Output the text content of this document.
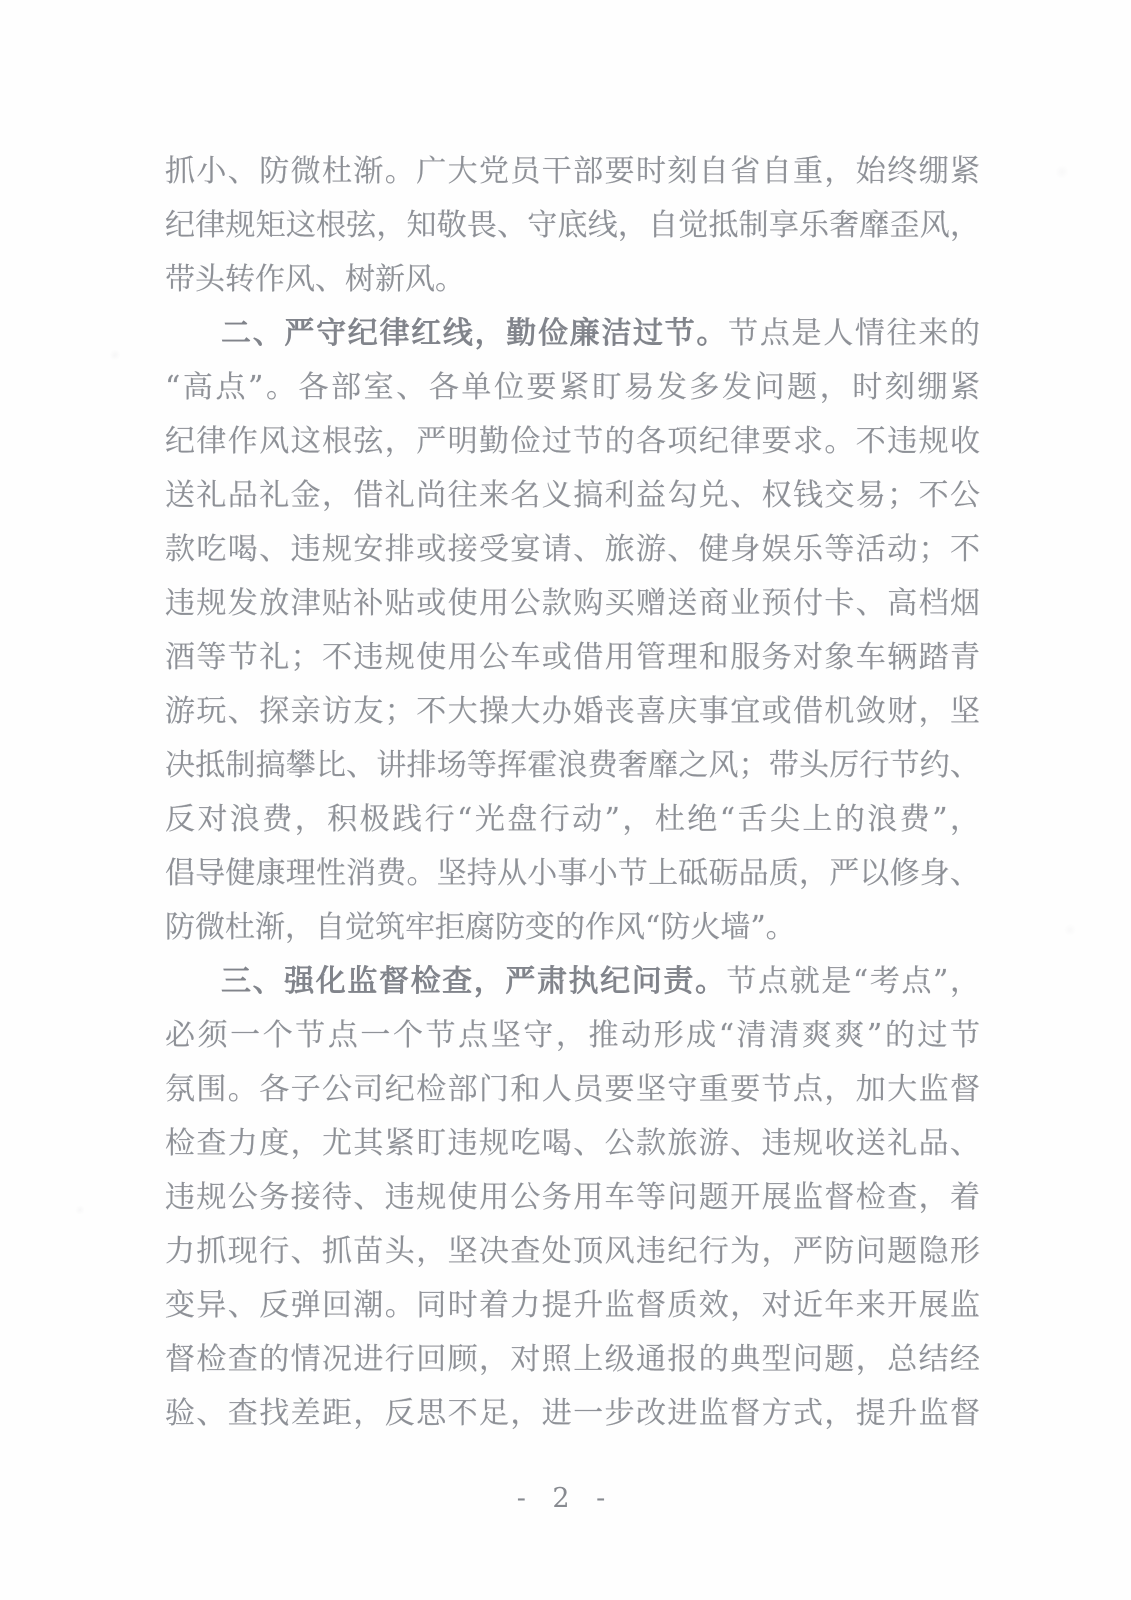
抓小、防微杜渐。广大党员干部要时刻自省自重，始终绷紧
纪律规矩这根弦，知敬畏、守底线，自觉抵制享乐奢靡歪风，
带头转作风、树新风。
二、严守纪律红线，勤俭廉洁过节。节点是人情往来的
“高点”。各部室、各单位要紧盯易发多发问题，时刻绷紧
纪律作风这根弦，严明勤俭过节的各项纪律要求。不违规收
送礼品礼金，借礼尚往来名义搞利益勾兑、权钱交易；不公
款吃喝、违规安排或接受宴请、旅游、健身娱乐等活动；不
违规发放津贴补贴或使用公款购买赠送商业预付卡、高档烟
酒等节礼；不违规使用公车或借用管理和服务对象车辆踏青
游玩、探亲访友；不大操大办婚丧喜庆事宜或借机敛财，坚
决抵制搞攀比、讲排场等挥霍浪费奢靡之风；带头厉行节约、
反对浪费，积极践行“光盘行动”，杜绝“舌尖上的浪费”，
倡导健康理性消费。坚持从小事小节上砥砺品质，严以修身、
防微杜渐，自觉筑牢拒腐防变的作风“防火墙”。
三、强化监督检查，严肃执纪问责。节点就是“考点”，
必须一个节点一个节点坚守，推动形成“清清爽爽”的过节
氛围。各子公司纪检部门和人员要坚守重要节点，加大监督
检查力度，尤其紧盯违规吃喝、公款旅游、违规收送礼品、
违规公务接待、违规使用公务用车等问题开展监督检查，着
力抓现行、抓苗头，坚决查处顶风违纪行为，严防问题隐形
变异、反弹回潮。同时着力提升监督质效，对近年来开展监
督检查的情况进行回顾，对照上级通报的典型问题，总结经
验、查找差距，反思不足，进一步改进监督方式，提升监督
- 2 -
